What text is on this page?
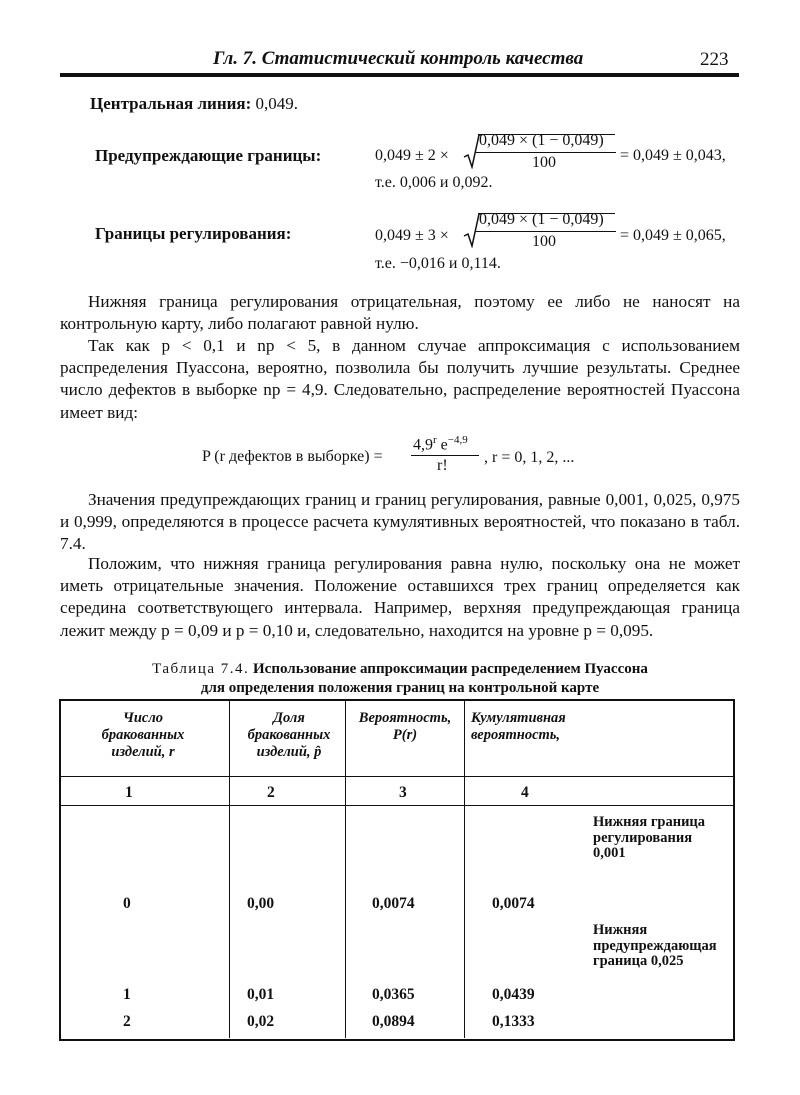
Гл. 7. Статистический контроль качества	223
Центральная линия: 0,049.
Предупреждающие границы:	0,049 ± 2 ×
0,049 × (1 − 0,049)
100	= 0,049 ± 0,043,
т.е. 0,006 и 0,092.
Границы регулирования:	0,049 ± 3 ×
0,049 × (1 − 0,049)
100	= 0,049 ± 0,065,
т.е. −0,016 и 0,114.
Нижняя граница регулирования отрицательная, поэтому ее либо не наносят на контрольную карту, либо полагают равной нулю.
Так как p < 0,1 и np < 5, в данном случае аппроксимация с использованием распределения Пуассона, вероятно, позволила бы получить лучшие результаты. Среднее число дефектов в выборке np = 4,9. Следовательно, распределение вероятностей Пуассона имеет вид:
P (r дефектов в выборке) =
$4,9^r$ $e^{-4,9}$
r! , r = 0, 1, 2, ...
Значения предупреждающих границ и границ регулирования, равные 0,001, 0,025, 0,975 и 0,999, определяются в процессе расчета кумулятивных вероятностей, что показано в табл. 7.4.
Положим, что нижняя граница регулирования равна нулю, поскольку она не может иметь отрицательные значения. Положение оставшихся трех границ определяется как середина соответствующего интервала. Например, верхняя предупреждающая граница лежит между p = 0,09 и p = 0,10 и, следовательно, находится на уровне p = 0,095.
Таблица 7.4. Использование аппроксимации распределением Пуассона
для определения положения границ на контрольной карте
Число бракованных изделий, r
Доля бракованных изделий, p̂
Вероятность, P(r)
Кумулятивная вероятность,
1	2	3	4
Нижняя граница регулирования 0,001
Нижняя предупреждающая граница 0,025
0	0,00	0,0074	0,0074
1	0,01	0,0365	0,0439
2	0,02	0,0894	0,1333
